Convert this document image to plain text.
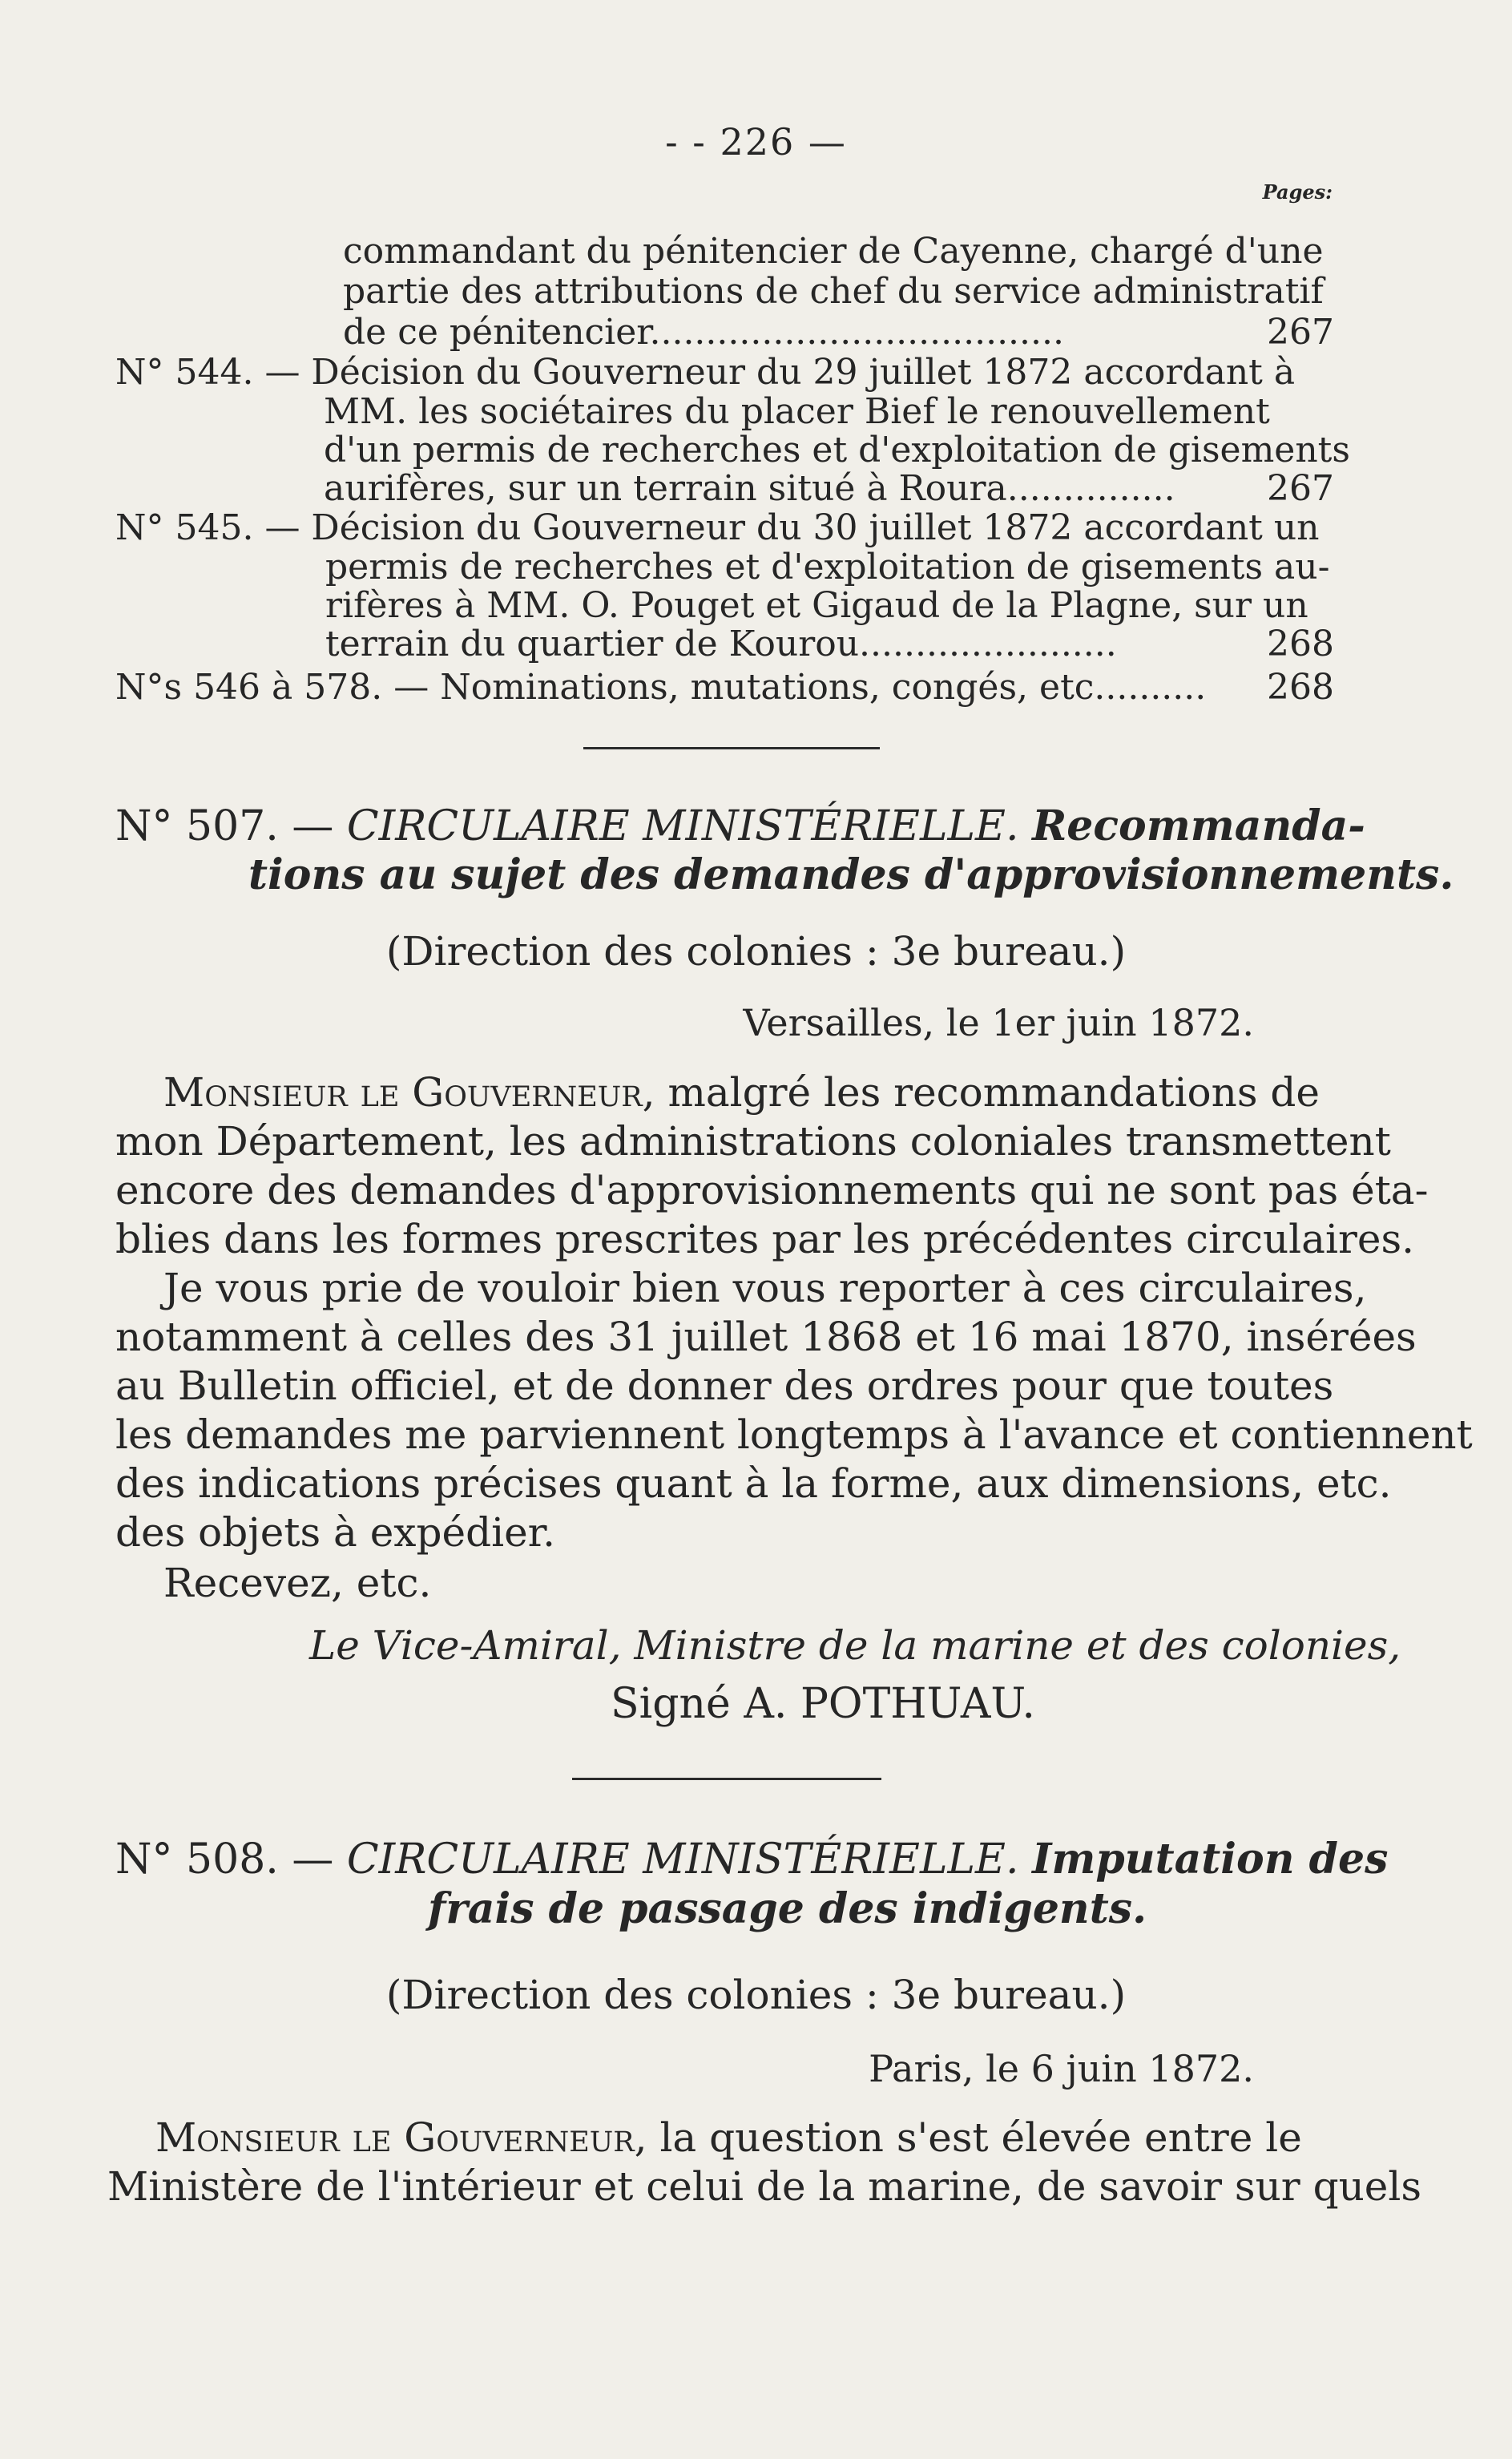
- - 226 —
Pages:
commandant du pénitencier de Cayenne, chargé d'une
partie des attributions de chef du service administratif
de ce pénitencier.....................................	267
N° 544. — Décision du Gouverneur du 29 juillet 1872 accordant à
MM. les sociétaires du placer Bief le renouvellement
d'un permis de recherches et d'exploitation de gisements
aurifères, sur un terrain situé à Roura...............	267
N° 545. — Décision du Gouverneur du 30 juillet 1872 accordant un
permis de recherches et d'exploitation de gisements au-
rifères à MM. O. Pouget et Gigaud de la Plagne, sur un
terrain du quartier de Kourou.......................	268
N°s 546 à 578. — Nominations, mutations, congés, etc.......... 268
N° 507. — CIRCULAIRE MINISTÉRIELLE. Recommanda-
tions au sujet des demandes d'approvisionnements.
(Direction des colonies : 3e bureau.)
Versailles, le 1er juin 1872.
Monsieur le Gouverneur, malgré les recommandations de
mon Département, les administrations coloniales transmettent
encore des demandes d'approvisionnements qui ne sont pas éta-
blies dans les formes prescrites par les précédentes circulaires.
Je vous prie de vouloir bien vous reporter à ces circulaires,
notamment à celles des 31 juillet 1868 et 16 mai 1870, insérées
au Bulletin officiel, et de donner des ordres pour que toutes
les demandes me parviennent longtemps à l'avance et contiennent
des indications précises quant à la forme, aux dimensions, etc.
des objets à expédier.
Recevez, etc.
Le Vice-Amiral, Ministre de la marine et des colonies,
Signé A. POTHUAU.
N° 508. — CIRCULAIRE MINISTÉRIELLE. Imputation des
frais de passage des indigents.
(Direction des colonies : 3e bureau.)
Paris, le 6 juin 1872.
Monsieur le Gouverneur, la question s'est élevée entre le
Ministère de l'intérieur et celui de la marine, de savoir sur quels
